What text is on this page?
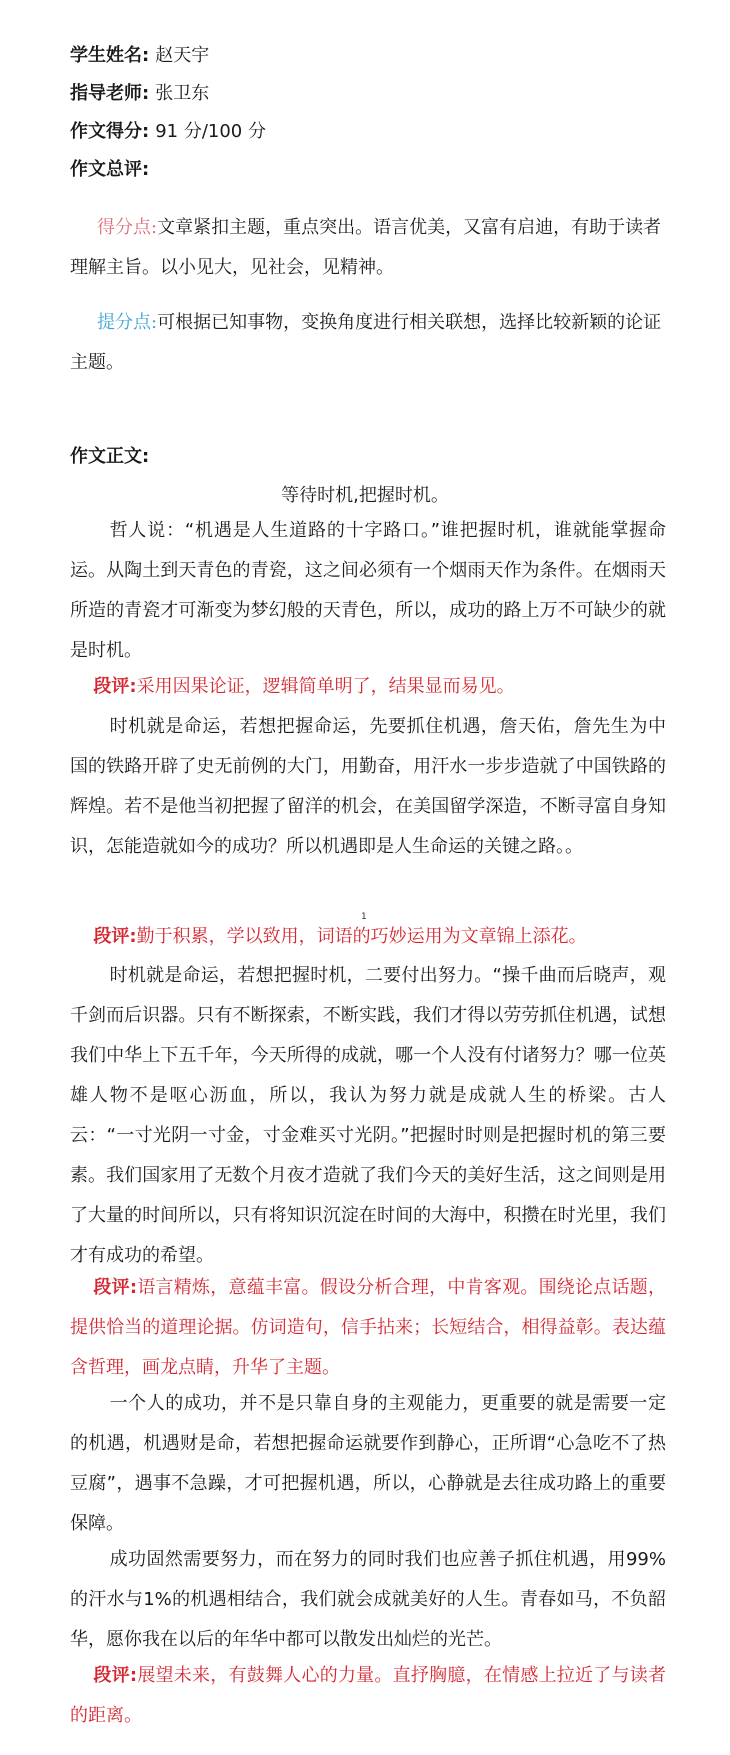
学生姓名: 赵天宇
指导老师: 张卫东
作文得分: 91 分/100 分
作文总评:
得分点:文章紧扣主题，重点突出。语言优美，又富有启迪，有助于读者理解主旨。以小见大，见社会，见精神。
提分点:可根据已知事物，变换角度进行相关联想，选择比较新颖的论证主题。
作文正文:
等待时机,把握时机。
哲人说：“机遇是人生道路的十字路口。”谁把握时机，谁就能掌握命运。从陶土到天青色的青瓷，这之间必须有一个烟雨天作为条件。在烟雨天所造的青瓷才可渐变为梦幻般的天青色，所以，成功的路上万不可缺少的就是时机。
段评:采用因果论证，逻辑简单明了，结果显而易见。
时机就是命运，若想把握命运，先要抓住机遇，詹天佑，詹先生为中国的铁路开辟了史无前例的大门，用勤奋，用汗水一步步造就了中国铁路的辉煌。若不是他当初把握了留洋的机会，在美国留学深造，不断寻富自身知识，怎能造就如今的成功？所以机遇即是人生命运的关键之路。。
1
段评:勤于积累，学以致用，词语的巧妙运用为文章锦上添花。
时机就是命运，若想把握时机，二要付出努力。“操千曲而后晓声，观千剑而后识器。只有不断探索，不断实践，我们才得以劳劳抓住机遇，试想我们中华上下五千年，今天所得的成就，哪一个人没有付诸努力？哪一位英雄人物不是呕心沥血，所以，我认为努力就是成就人生的桥梁。古人云：“一寸光阴一寸金，寸金难买寸光阴。”把握时时则是把握时机的第三要素。我们国家用了无数个月夜才造就了我们今天的美好生活，这之间则是用了大量的时间所以，只有将知识沉淀在时间的大海中，积攒在时光里，我们才有成功的希望。
段评:语言精炼，意蕴丰富。假设分析合理，中肯客观。围绕论点话题，提供恰当的道理论据。仿词造句，信手拈来；长短结合，相得益彰。表达蕴含哲理，画龙点睛，升华了主题。
一个人的成功，并不是只靠自身的主观能力，更重要的就是需要一定的机遇，机遇财是命，若想把握命运就要作到静心，正所谓“心急吃不了热豆腐”，遇事不急躁，才可把握机遇，所以，心静就是去往成功路上的重要保障。
成功固然需要努力，而在努力的同时我们也应善子抓住机遇，用99%的汗水与1%的机遇相结合，我们就会成就美好的人生。青春如马，不负韶华，愿你我在以后的年华中都可以散发出灿烂的光芒。
段评:展望未来，有鼓舞人心的力量。直抒胸臆，在情感上拉近了与读者的距离。
